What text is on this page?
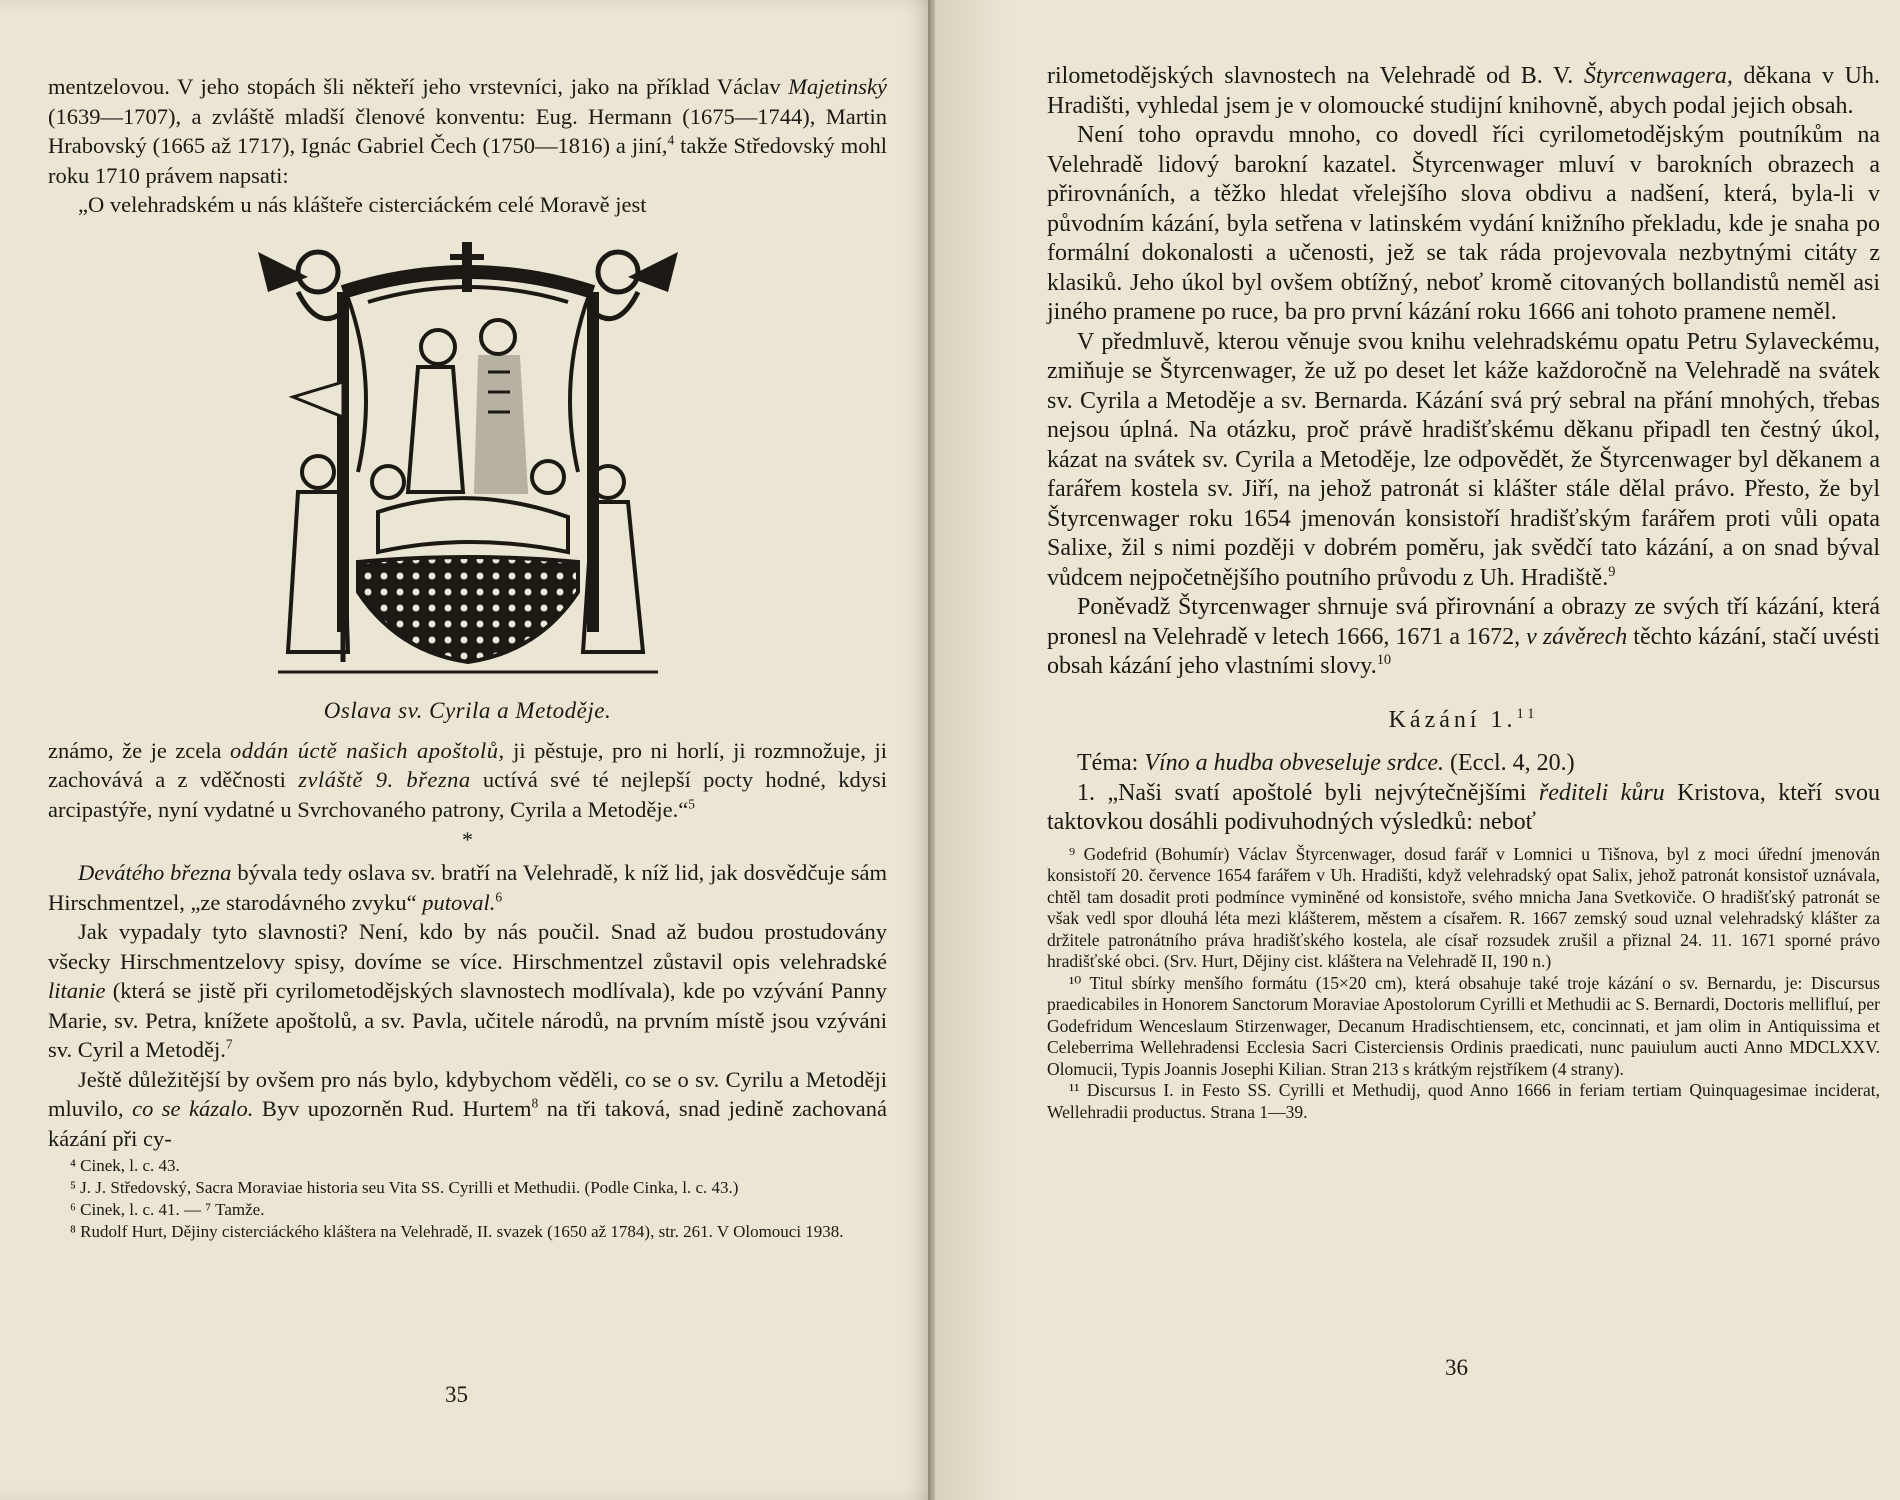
mentzelovou. V jeho stopách šli někteří jeho vrstevníci, jako na příklad Václav Majetinský (1639—1707), a zvláště mladší členové konventu: Eug. Hermann (1675—1744), Martin Hrabovský (1665 až 1717), Ignác Gabriel Čech (1750—1816) a jiní,$^4$ takže Středovský mohl roku 1710 právem napsati:

„O velehradském u nás klášteře cisterciáckém celé Moravě jest

Oslava sv. Cyrila a Metoděje.

známo, že je zcela oddán úctě našich apoštolů, ji pěstuje, pro ni horlí, ji rozmnožuje, ji zachovává a z vděčnosti zvláště 9. března uctívá své té nejlepší pocty hodné, kdysi arcipastýře, nyní vydatné u Svrchovaného patrony, Cyrila a Metoděje.“$^5$

*

Devátého března bývala tedy oslava sv. bratří na Velehradě, k níž lid, jak dosvědčuje sám Hirschmentzel, „ze starodávného zvyku“ putoval.$^6$

Jak vypadaly tyto slavnosti? Není, kdo by nás poučil. Snad až budou prostudovány všecky Hirschmentzelovy spisy, dovíme se více. Hirschmentzel zůstavil opis velehradské litanie (která se jistě při cyrilometodějských slavnostech modlívala), kde po vzývání Panny Marie, sv. Petra, knížete apoštolů, a sv. Pavla, učitele národů, na prvním místě jsou vzýváni sv. Cyril a Metoděj.$^7$

Ještě důležitější by ovšem pro nás bylo, kdybychom věděli, co se o sv. Cyrilu a Metoději mluvilo, co se kázalo. Byv upozorněn Rud. Hurtem$^8$ na tři taková, snad jedině zachovaná kázání při cy-

⁴ Cinek, l. c. 43.

⁵ J. J. Středovský, Sacra Moraviae historia seu Vita SS. Cyrilli et Methudii. (Podle Cinka, l. c. 43.)

⁶ Cinek, l. c. 41. — ⁷ Tamže.

⁸ Rudolf Hurt, Dějiny cisterciáckého kláštera na Velehradě, II. svazek (1650 až 1784), str. 261. V Olomouci 1938.

35

rilometodějských slavnostech na Velehradě od B. V. Štyrcenwagera, děkana v Uh. Hradišti, vyhledal jsem je v olomoucké studijní knihovně, abych podal jejich obsah.

Není toho opravdu mnoho, co dovedl říci cyrilometodějským poutníkům na Velehradě lidový barokní kazatel. Štyrcenwager mluví v barokních obrazech a přirovnáních, a těžko hledat vřelejšího slova obdivu a nadšení, která, byla-li v původním kázání, byla setřena v latinském vydání knižního překladu, kde je snaha po formální dokonalosti a učenosti, jež se tak ráda projevovala nezbytnými citáty z klasiků. Jeho úkol byl ovšem obtížný, neboť kromě citovaných bollandistů neměl asi jiného pramene po ruce, ba pro první kázání roku 1666 ani tohoto pramene neměl.

V předmluvě, kterou věnuje svou knihu velehradskému opatu Petru Sylaveckému, zmiňuje se Štyrcenwager, že už po deset let káže každoročně na Velehradě na svátek sv. Cyrila a Metoděje a sv. Bernarda. Kázání svá prý sebral na přání mnohých, třebas nejsou úplná. Na otázku, proč právě hradišťskému děkanu připadl ten čestný úkol, kázat na svátek sv. Cyrila a Metoděje, lze odpovědět, že Štyrcenwager byl děkanem a farářem kostela sv. Jiří, na jehož patronát si klášter stále dělal právo. Přesto, že byl Štyrcenwager roku 1654 jmenován konsistoří hradišťským farářem proti vůli opata Salixe, žil s nimi později v dobrém poměru, jak svědčí tato kázání, a on snad býval vůdcem nejpočetnějšího poutního průvodu z Uh. Hradiště.$^9$

Poněvadž Štyrcenwager shrnuje svá přirovnání a obrazy ze svých tří kázání, která pronesl na Velehradě v letech 1666, 1671 a 1672, v závěrech těchto kázání, stačí uvésti obsah kázání jeho vlastními slovy.$^{10}$

Kázání 1.11

Téma: Víno a hudba obveseluje srdce. (Eccl. 4, 20.)

1. „Naši svatí apoštolé byli nejvýtečnějšími řediteli kůru Kristova, kteří svou taktovkou dosáhli podivuhodných výsledků: neboť

⁹ Godefrid (Bohumír) Václav Štyrcenwager, dosud farář v Lomnici u Tišnova, byl z moci úřední jmenován konsistoří 20. července 1654 farářem v Uh. Hradišti, když velehradský opat Salix, jehož patronát konsistoř uznávala, chtěl tam dosadit proti podmínce vyminěné od konsistoře, svého mnicha Jana Svetkoviče. O hradišťský patronát se však vedl spor dlouhá léta mezi klášterem, městem a císařem. R. 1667 zemský soud uznal velehradský klášter za držitele patronátního práva hradišťského kostela, ale císař rozsudek zrušil a přiznal 24. 11. 1671 sporné právo hradišťské obci. (Srv. Hurt, Dějiny cist. kláštera na Velehradě II, 190 n.)

¹⁰ Titul sbírky menšího formátu (15×20 cm), která obsahuje také troje kázání o sv. Bernardu, je: Discursus praedicabiles in Honorem Sanctorum Moraviae Apostolorum Cyrilli et Methudii ac S. Bernardi, Doctoris mellifluí, per Godefridum Wenceslaum Stirzenwager, Decanum Hradischtiensem, etc, concinnati, et jam olim in Antiquissima et Celeberrima Wellehradensi Ecclesia Sacri Cisterciensis Ordinis praedicati, nunc pauiulum aucti Anno MDCLXXV. Olomucii, Typis Joannis Josephi Kilian. Stran 213 s krátkým rejstříkem (4 strany).

¹¹ Discursus I. in Festo SS. Cyrilli et Methudij, quod Anno 1666 in feriam tertiam Quinquagesimae inciderat, Wellehradii productus. Strana 1—39.

36
